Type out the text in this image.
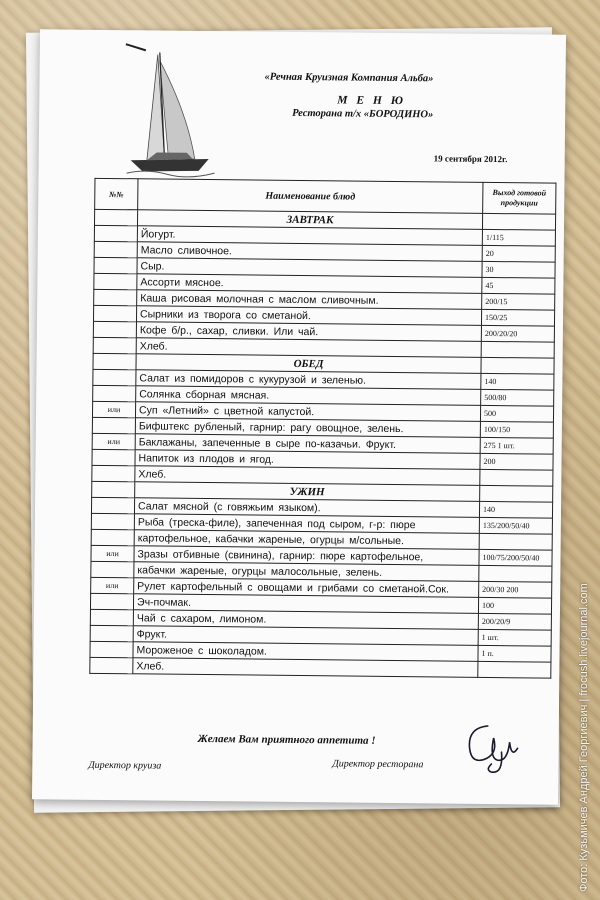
«Речная Круизная Компания Альба»
М Е Н Ю
Ресторана т/х «БОРОДИНО»
19 сентября 2012г.
№№	Наименование блюд	Выход готовой продукции
	ЗАВТРАК	
	Йогурт.	1/115
	Масло сливочное.	20
	Сыр.	30
	Ассорти мясное.	45
	Каша рисовая молочная с маслом сливочным.	200/15
	Сырники из творога со сметаной.	150/25
	Кофе б/р., сахар, сливки. Или чай.	200/20/20
	Хлеб.	
	ОБЕД	
	Салат из помидоров с кукурузой и зеленью.	140
	Солянка сборная мясная.	500/80
или	Суп «Летний» с цветной капустой.	500
	Бифштекс рубленый, гарнир: рагу овощное, зелень.	100/150
или	Баклажаны, запеченные в сыре по-казачьи. Фрукт.	275 1 шт.
	Напиток из плодов и ягод.	200
	Хлеб.	
	УЖИН	
	Салат мясной (с говяжьим языком).	140
	Рыба (треска-филе), запеченная под сыром, г-р: пюре	135/200/50/40
	картофельное, кабачки жареные, огурцы м/сольные.	
или	Зразы отбивные (свинина), гарнир: пюре картофельное,	100/75/200/50/40
	кабачки жареные, огурцы малосольные, зелень.	
или	Рулет картофельный с овощами и грибами со сметаной.Сок.	200/30 200
	Эч-почмак.	100
	Чай с сахаром, лимоном.	200/20/9
	Фрукт.	1 шт.
	Мороженое с шоколадом.	1 п.
	Хлеб.	
Желаем Вам приятного аппетита !
Директор круиза	Директор ресторана	Фото: Кузьмичев Андрей Георгиевич | frocush.livejournal.com
